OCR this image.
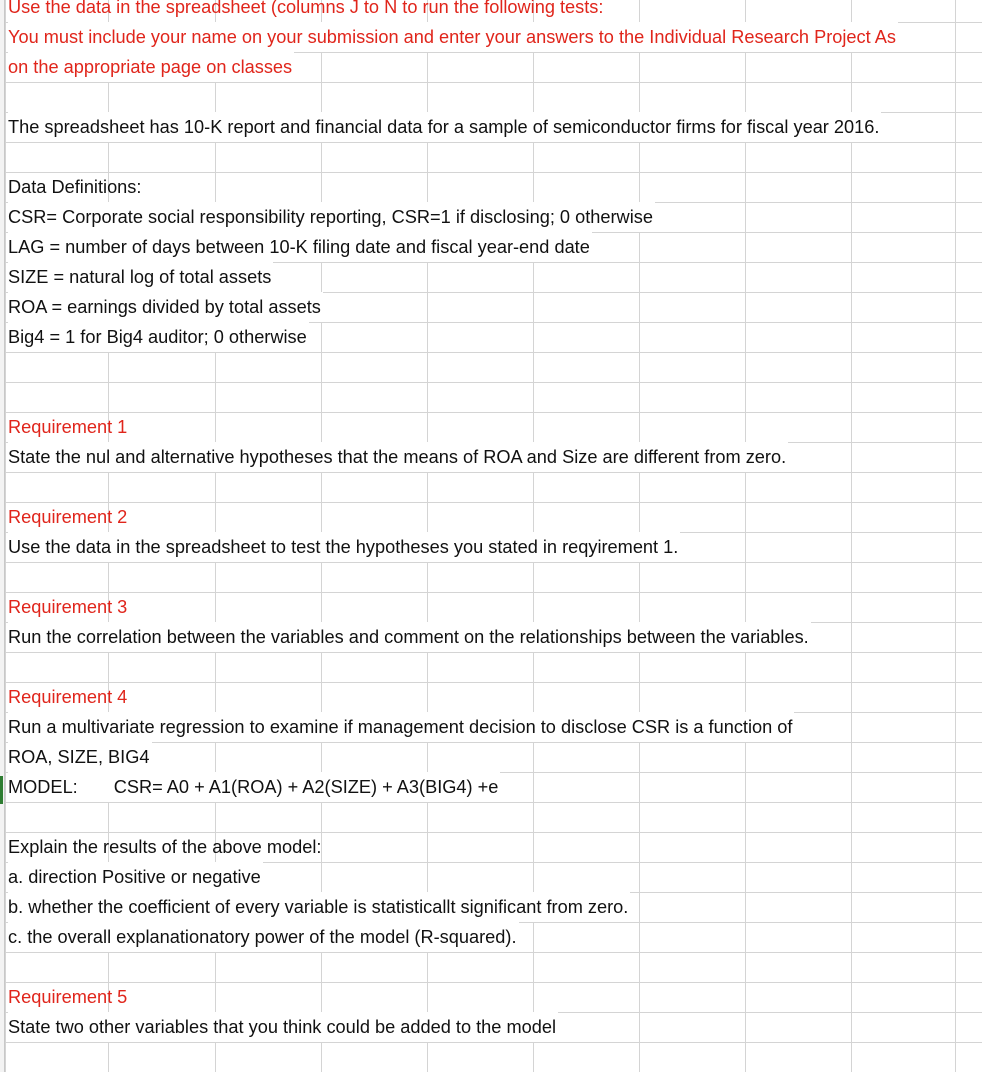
Use the data in the spreadsheet (columns J to N to run the following tests:
You must include your name on your submission and enter your answers to the Individual Research Project As
on the appropriate page on classes
The spreadsheet has 10-K report and financial data for a sample of semiconductor firms for fiscal year 2016.
Data Definitions:
CSR= Corporate social responsibility reporting, CSR=1 if disclosing; 0 otherwise
LAG = number of days between 10-K filing date and fiscal year-end date
SIZE = natural log of total assets
ROA = earnings divided by total assets
Big4 = 1 for Big4 auditor; 0 otherwise
Requirement 1
State the nul and alternative hypotheses that the means of ROA and Size are different from zero.
Requirement 2
Use the data in the spreadsheet to test the hypotheses you stated in reqyirement 1.
Requirement 3
Run the correlation between the variables and comment on the relationships between the variables.
Requirement 4
Run a multivariate regression to examine if management decision to disclose CSR is a function of
ROA, SIZE, BIG4
MODEL: CSR= A0 + A1(ROA) + A2(SIZE) + A3(BIG4) +e
Explain the results of the above model:
a. direction Positive or negative
b. whether the coefficient of every variable is statisticallt significant from zero.
c. the overall explanationatory power of the model (R-squared).
Requirement 5
State two other variables that you think could be added to the model
